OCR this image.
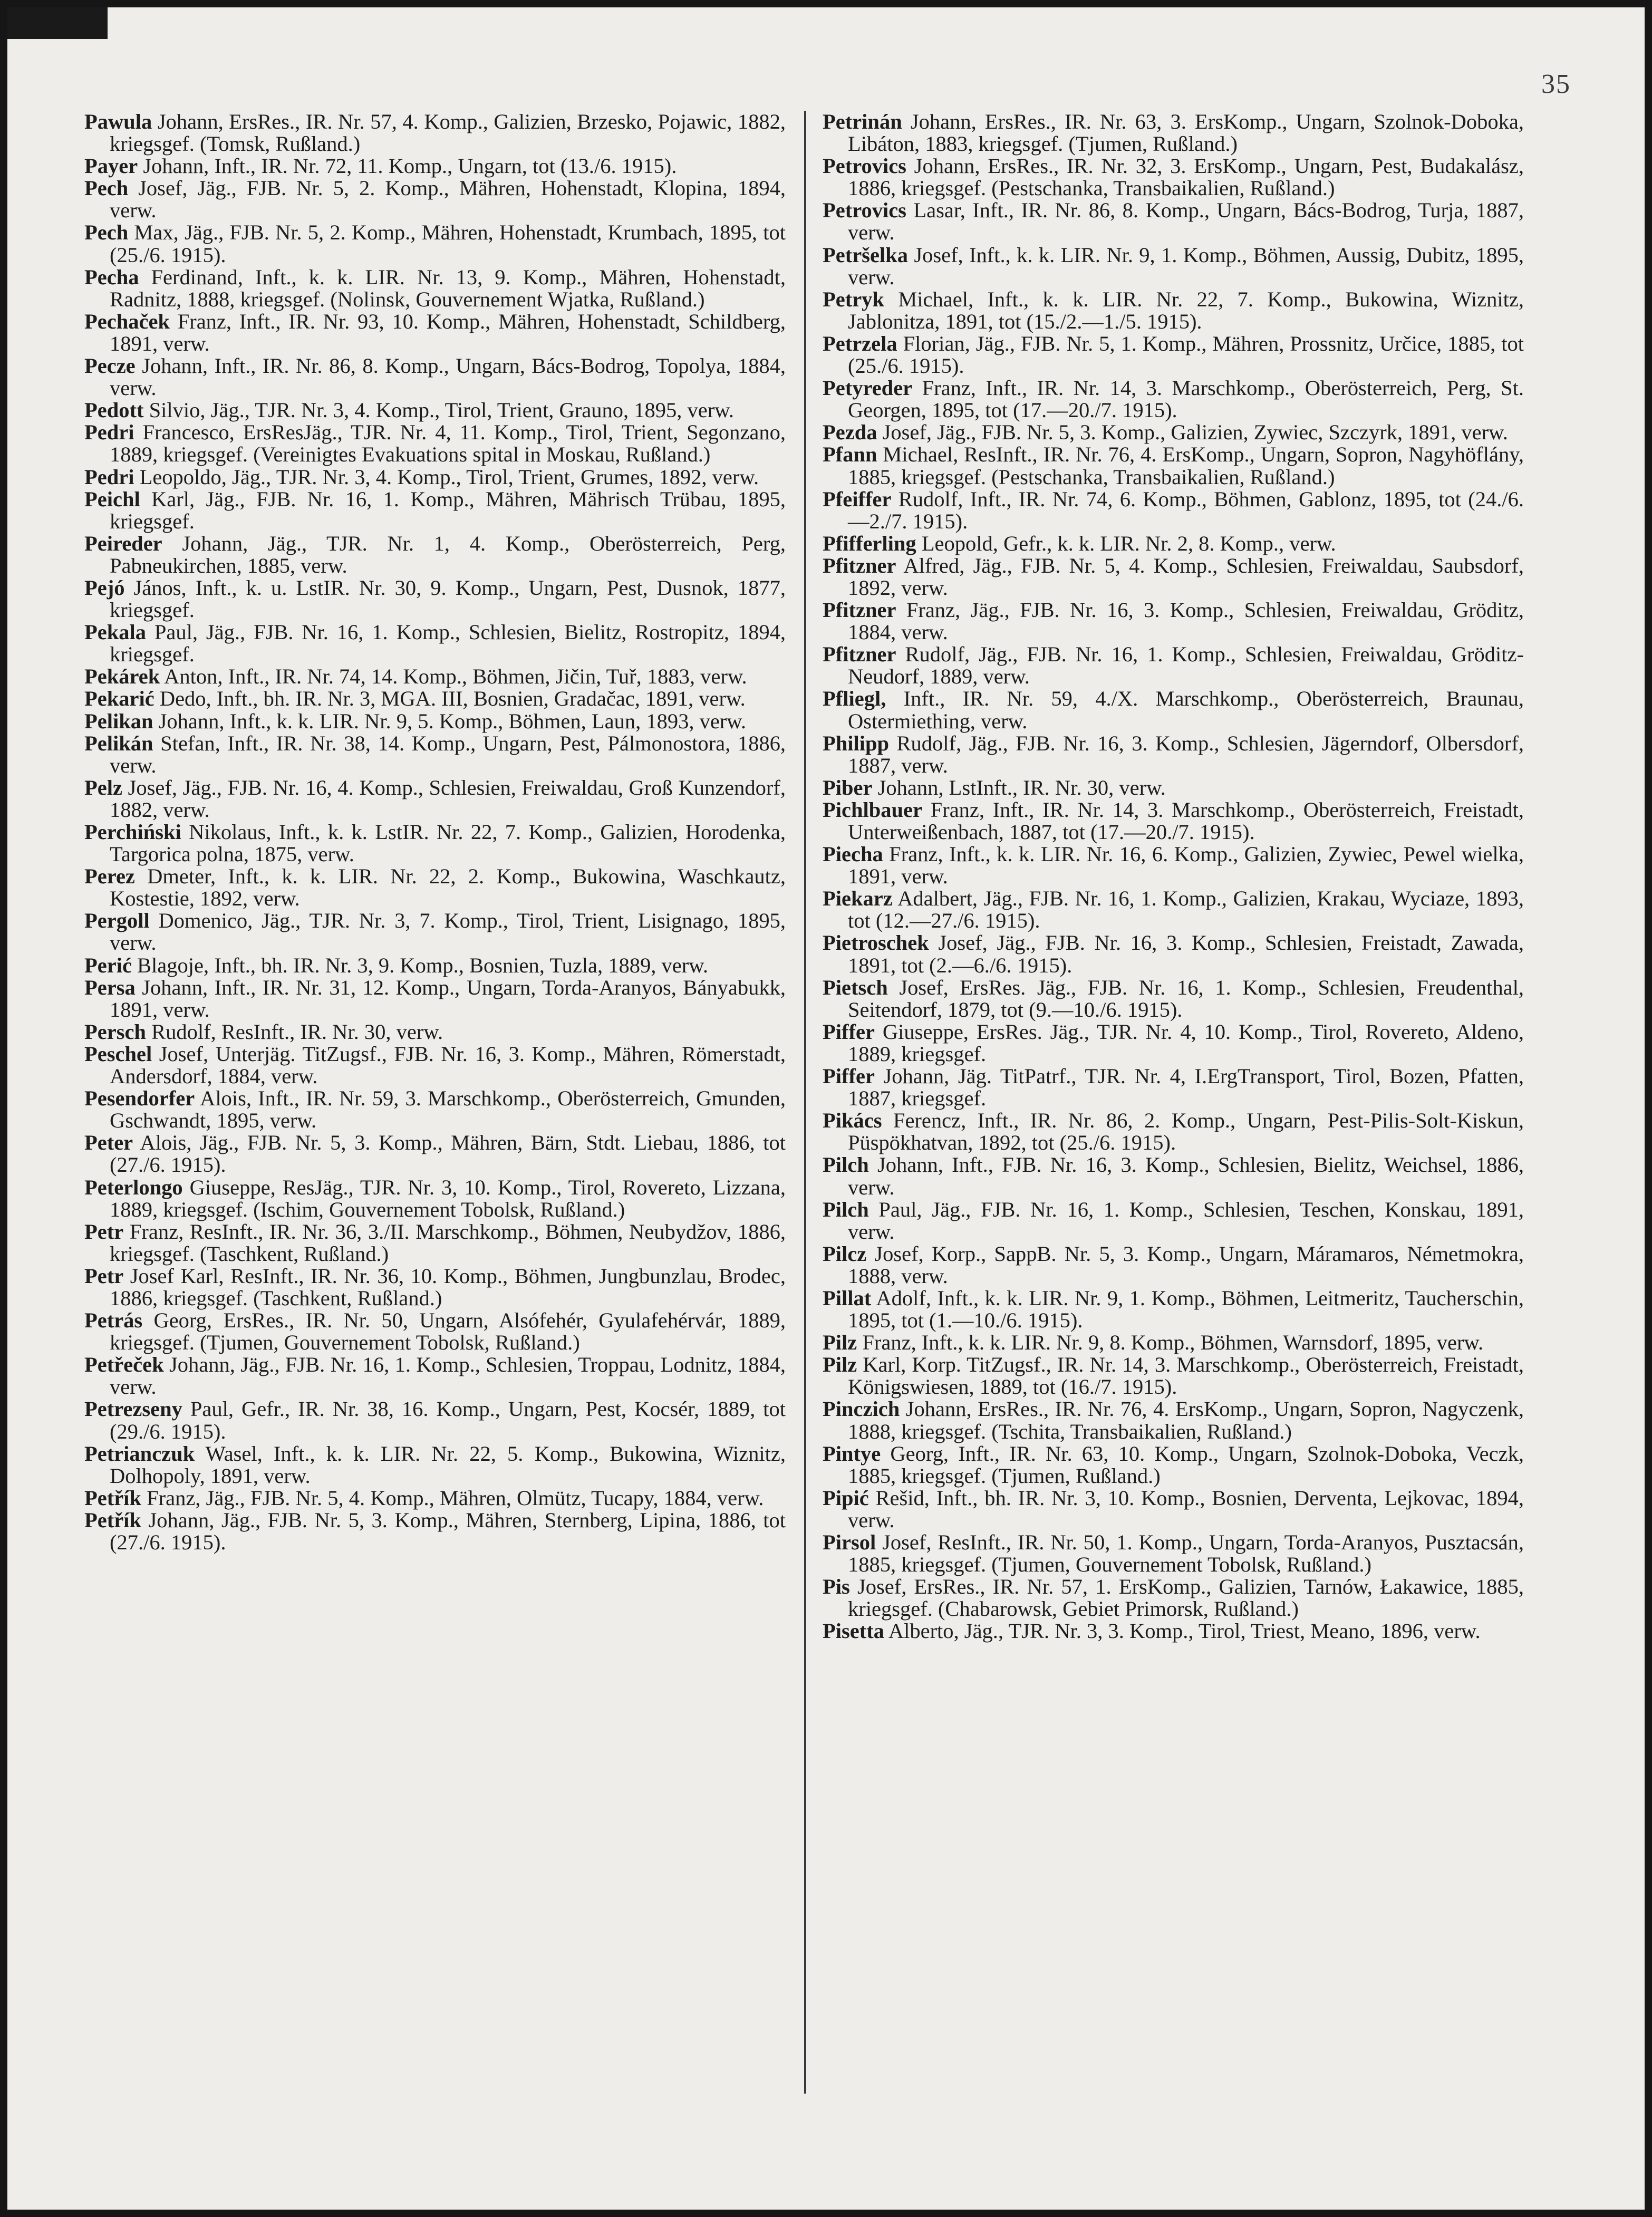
35

Pawula Johann, ErsRes., IR. Nr. 57, 4. Komp., Galizien, Brzesko, Pojawic, 1882, kriegsgef. (Tomsk, Rußland.)

Payer Johann, Inft., IR. Nr. 72, 11. Komp., Ungarn, tot (13./6. 1915).

Pech Josef, Jäg., FJB. Nr. 5, 2. Komp., Mähren, Hohenstadt, Klopina, 1894, verw.

Pech Max, Jäg., FJB. Nr. 5, 2. Komp., Mähren, Hohenstadt, Krumbach, 1895, tot (25./6. 1915).

Pecha Ferdinand, Inft., k. k. LIR. Nr. 13, 9. Komp., Mähren, Hohenstadt, Radnitz, 1888, kriegsgef. (Nolinsk, Gouvernement Wjatka, Rußland.)

Pechaček Franz, Inft., IR. Nr. 93, 10. Komp., Mähren, Hohenstadt, Schildberg, 1891, verw.

Pecze Johann, Inft., IR. Nr. 86, 8. Komp., Ungarn, Bács-Bodrog, Topolya, 1884, verw.

Pedott Silvio, Jäg., TJR. Nr. 3, 4. Komp., Tirol, Trient, Grauno, 1895, verw.

Pedri Francesco, ErsResJäg., TJR. Nr. 4, 11. Komp., Tirol, Trient, Segonzano, 1889, kriegsgef. (Vereinigtes Evakuations spital in Moskau, Rußland.)

Pedri Leopoldo, Jäg., TJR. Nr. 3, 4. Komp., Tirol, Trient, Grumes, 1892, verw.

Peichl Karl, Jäg., FJB. Nr. 16, 1. Komp., Mähren, Mährisch Trübau, 1895, kriegsgef.

Peireder Johann, Jäg., TJR. Nr. 1, 4. Komp., Oberösterreich, Perg, Pabneukirchen, 1885, verw.

Pejó János, Inft., k. u. LstIR. Nr. 30, 9. Komp., Ungarn, Pest, Dusnok, 1877, kriegsgef.

Pekala Paul, Jäg., FJB. Nr. 16, 1. Komp., Schlesien, Bielitz, Rostropitz, 1894, kriegsgef.

Pekárek Anton, Inft., IR. Nr. 74, 14. Komp., Böhmen, Jičin, Tuř, 1883, verw.

Pekarić Dedo, Inft., bh. IR. Nr. 3, MGA. III, Bosnien, Gradačac, 1891, verw.

Pelikan Johann, Inft., k. k. LIR. Nr. 9, 5. Komp., Böhmen, Laun, 1893, verw.

Pelikán Stefan, Inft., IR. Nr. 38, 14. Komp., Ungarn, Pest, Pálmonostora, 1886, verw.

Pelz Josef, Jäg., FJB. Nr. 16, 4. Komp., Schlesien, Freiwaldau, Groß Kunzendorf, 1882, verw.

Perchiński Nikolaus, Inft., k. k. LstIR. Nr. 22, 7. Komp., Galizien, Horodenka, Targorica polna, 1875, verw.

Perez Dmeter, Inft., k. k. LIR. Nr. 22, 2. Komp., Bukowina, Waschkautz, Kostestie, 1892, verw.

Pergoll Domenico, Jäg., TJR. Nr. 3, 7. Komp., Tirol, Trient, Lisignago, 1895, verw.

Perić Blagoje, Inft., bh. IR. Nr. 3, 9. Komp., Bosnien, Tuzla, 1889, verw.

Persa Johann, Inft., IR. Nr. 31, 12. Komp., Ungarn, Torda-Aranyos, Bányabukk, 1891, verw.

Persch Rudolf, ResInft., IR. Nr. 30, verw.

Peschel Josef, Unterjäg. TitZugsf., FJB. Nr. 16, 3. Komp., Mähren, Römerstadt, Andersdorf, 1884, verw.

Pesendorfer Alois, Inft., IR. Nr. 59, 3. Marschkomp., Oberösterreich, Gmunden, Gschwandt, 1895, verw.

Peter Alois, Jäg., FJB. Nr. 5, 3. Komp., Mähren, Bärn, Stdt. Liebau, 1886, tot (27./6. 1915).

Peterlongo Giuseppe, ResJäg., TJR. Nr. 3, 10. Komp., Tirol, Rovereto, Lizzana, 1889, kriegsgef. (Ischim, Gouvernement Tobolsk, Rußland.)

Petr Franz, ResInft., IR. Nr. 36, 3./II. Marschkomp., Böhmen, Neubydžov, 1886, kriegsgef. (Taschkent, Rußland.)

Petr Josef Karl, ResInft., IR. Nr. 36, 10. Komp., Böhmen, Jungbunzlau, Brodec, 1886, kriegsgef. (Taschkent, Rußland.)

Petrás Georg, ErsRes., IR. Nr. 50, Ungarn, Alsófehér, Gyulafehérvár, 1889, kriegsgef. (Tjumen, Gouvernement Tobolsk, Rußland.)

Petřeček Johann, Jäg., FJB. Nr. 16, 1. Komp., Schlesien, Troppau, Lodnitz, 1884, verw.

Petrezseny Paul, Gefr., IR. Nr. 38, 16. Komp., Ungarn, Pest, Kocsér, 1889, tot (29./6. 1915).

Petrianczuk Wasel, Inft., k. k. LIR. Nr. 22, 5. Komp., Bukowina, Wiznitz, Dolhopoly, 1891, verw.

Petřík Franz, Jäg., FJB. Nr. 5, 4. Komp., Mähren, Olmütz, Tucapy, 1884, verw.

Petřík Johann, Jäg., FJB. Nr. 5, 3. Komp., Mähren, Sternberg, Lipina, 1886, tot (27./6. 1915).

Petrinán Johann, ErsRes., IR. Nr. 63, 3. ErsKomp., Ungarn, Szolnok-Doboka, Libáton, 1883, kriegsgef. (Tjumen, Rußland.)

Petrovics Johann, ErsRes., IR. Nr. 32, 3. ErsKomp., Ungarn, Pest, Budakalász, 1886, kriegsgef. (Pestschanka, Transbaikalien, Rußland.)

Petrovics Lasar, Inft., IR. Nr. 86, 8. Komp., Ungarn, Bács-Bodrog, Turja, 1887, verw.

Petršelka Josef, Inft., k. k. LIR. Nr. 9, 1. Komp., Böhmen, Aussig, Dubitz, 1895, verw.

Petryk Michael, Inft., k. k. LIR. Nr. 22, 7. Komp., Bukowina, Wiznitz, Jablonitza, 1891, tot (15./2.—1./5. 1915).

Petrzela Florian, Jäg., FJB. Nr. 5, 1. Komp., Mähren, Prossnitz, Určice, 1885, tot (25./6. 1915).

Petyreder Franz, Inft., IR. Nr. 14, 3. Marschkomp., Oberösterreich, Perg, St. Georgen, 1895, tot (17.—20./7. 1915).

Pezda Josef, Jäg., FJB. Nr. 5, 3. Komp., Galizien, Zywiec, Szczyrk, 1891, verw.

Pfann Michael, ResInft., IR. Nr. 76, 4. ErsKomp., Ungarn, Sopron, Nagyhöflány, 1885, kriegsgef. (Pestschanka, Transbaikalien, Rußland.)

Pfeiffer Rudolf, Inft., IR. Nr. 74, 6. Komp., Böhmen, Gablonz, 1895, tot (24./6.—2./7. 1915).

Pfifferling Leopold, Gefr., k. k. LIR. Nr. 2, 8. Komp., verw.

Pfitzner Alfred, Jäg., FJB. Nr. 5, 4. Komp., Schlesien, Freiwaldau, Saubsdorf, 1892, verw.

Pfitzner Franz, Jäg., FJB. Nr. 16, 3. Komp., Schlesien, Freiwaldau, Gröditz, 1884, verw.

Pfitzner Rudolf, Jäg., FJB. Nr. 16, 1. Komp., Schlesien, Freiwaldau, Gröditz-Neudorf, 1889, verw.

Pfliegl, Inft., IR. Nr. 59, 4./X. Marschkomp., Oberösterreich, Braunau, Ostermiething, verw.

Philipp Rudolf, Jäg., FJB. Nr. 16, 3. Komp., Schlesien, Jägerndorf, Olbersdorf, 1887, verw.

Piber Johann, LstInft., IR. Nr. 30, verw.

Pichlbauer Franz, Inft., IR. Nr. 14, 3. Marschkomp., Oberösterreich, Freistadt, Unterweißenbach, 1887, tot (17.—20./7. 1915).

Piecha Franz, Inft., k. k. LIR. Nr. 16, 6. Komp., Galizien, Zywiec, Pewel wielka, 1891, verw.

Piekarz Adalbert, Jäg., FJB. Nr. 16, 1. Komp., Galizien, Krakau, Wyciaze, 1893, tot (12.—27./6. 1915).

Pietroschek Josef, Jäg., FJB. Nr. 16, 3. Komp., Schlesien, Freistadt, Zawada, 1891, tot (2.—6./6. 1915).

Pietsch Josef, ErsRes. Jäg., FJB. Nr. 16, 1. Komp., Schlesien, Freudenthal, Seitendorf, 1879, tot (9.—10./6. 1915).

Piffer Giuseppe, ErsRes. Jäg., TJR. Nr. 4, 10. Komp., Tirol, Rovereto, Aldeno, 1889, kriegsgef.

Piffer Johann, Jäg. TitPatrf., TJR. Nr. 4, I.ErgTransport, Tirol, Bozen, Pfatten, 1887, kriegsgef.

Pikács Ferencz, Inft., IR. Nr. 86, 2. Komp., Ungarn, Pest-Pilis-Solt-Kiskun, Püspökhatvan, 1892, tot (25./6. 1915).

Pilch Johann, Inft., FJB. Nr. 16, 3. Komp., Schlesien, Bielitz, Weichsel, 1886, verw.

Pilch Paul, Jäg., FJB. Nr. 16, 1. Komp., Schlesien, Teschen, Konskau, 1891, verw.

Pilcz Josef, Korp., SappB. Nr. 5, 3. Komp., Ungarn, Máramaros, Németmokra, 1888, verw.

Pillat Adolf, Inft., k. k. LIR. Nr. 9, 1. Komp., Böhmen, Leitmeritz, Taucherschin, 1895, tot (1.—10./6. 1915).

Pilz Franz, Inft., k. k. LIR. Nr. 9, 8. Komp., Böhmen, Warnsdorf, 1895, verw.

Pilz Karl, Korp. TitZugsf., IR. Nr. 14, 3. Marschkomp., Oberösterreich, Freistadt, Königswiesen, 1889, tot (16./7. 1915).

Pinczich Johann, ErsRes., IR. Nr. 76, 4. ErsKomp., Ungarn, Sopron, Nagyczenk, 1888, kriegsgef. (Tschita, Transbaikalien, Rußland.)

Pintye Georg, Inft., IR. Nr. 63, 10. Komp., Ungarn, Szolnok-Doboka, Veczk, 1885, kriegsgef. (Tjumen, Rußland.)

Pipić Rešid, Inft., bh. IR. Nr. 3, 10. Komp., Bosnien, Derventa, Lejkovac, 1894, verw.

Pirsol Josef, ResInft., IR. Nr. 50, 1. Komp., Ungarn, Torda-Aranyos, Pusztacsán, 1885, kriegsgef. (Tjumen, Gouvernement Tobolsk, Rußland.)

Pis Josef, ErsRes., IR. Nr. 57, 1. ErsKomp., Galizien, Tarnów, Łakawice, 1885, kriegsgef. (Chabarowsk, Gebiet Primorsk, Rußland.)

Pisetta Alberto, Jäg., TJR. Nr. 3, 3. Komp., Tirol, Triest, Meano, 1896, verw.
